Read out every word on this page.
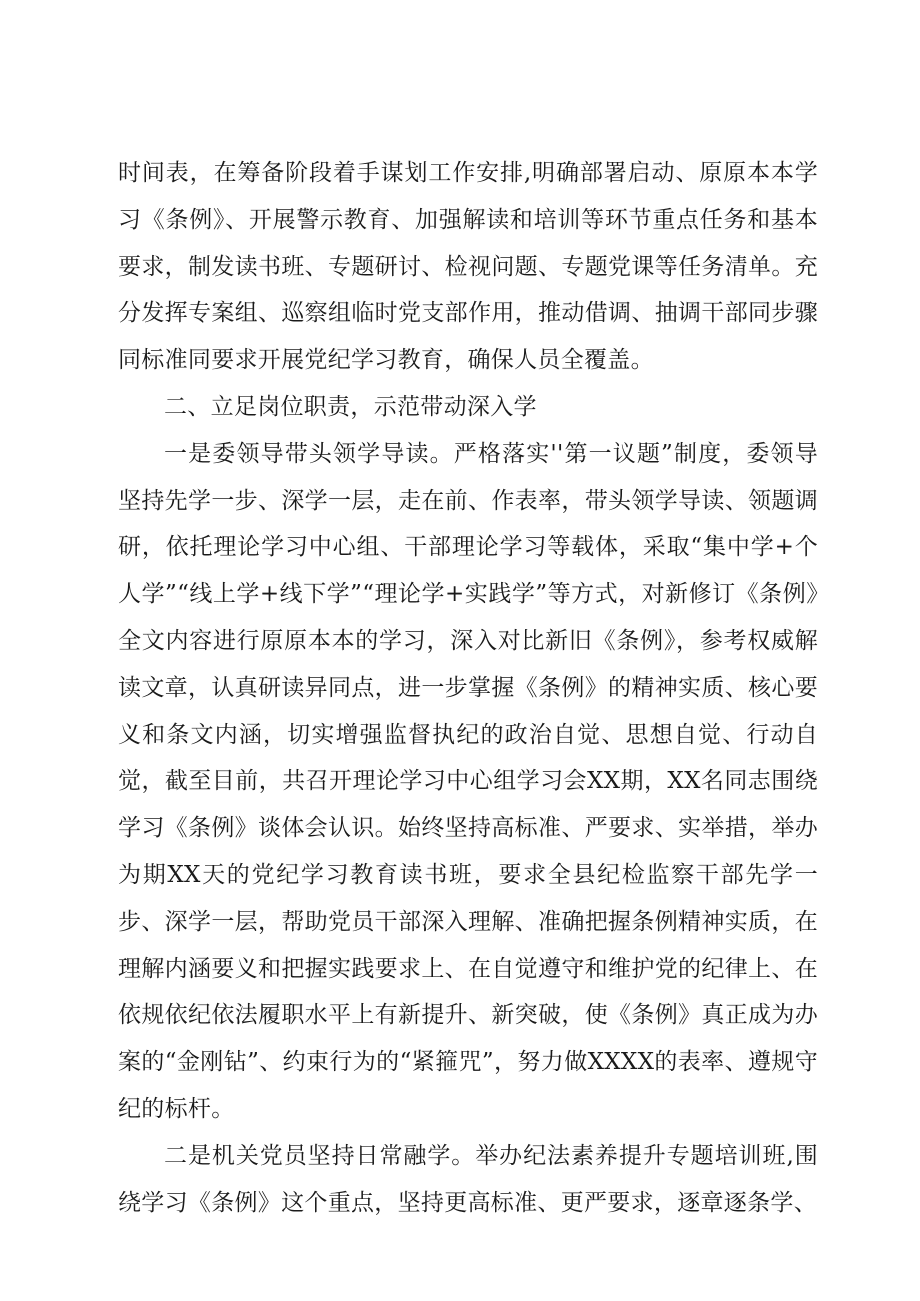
时间表，在筹备阶段着手谋划工作安排,明确部署启动、原原本本学习《条例》、开展警示教育、加强解读和培训等环节重点任务和基本要求，制发读书班、专题研讨、检视问题、专题党课等任务清单。充分发挥专案组、巡察组临时党支部作用，推动借调、抽调干部同步骤同标准同要求开展党纪学习教育，确保人员全覆盖。

二、立足岗位职责，示范带动深入学

一是委领导带头领学导读。严格落实''第一议题”制度，委领导坚持先学一步、深学一层，走在前、作表率，带头领学导读、领题调研，依托理论学习中心组、干部理论学习等载体，采取“集中学+个人学”“线上学+线下学”“理论学+实践学”等方式，对新修订《条例》全文内容进行原原本本的学习，深入对比新旧《条例》，参考权威解读文章，认真研读异同点，进一步掌握《条例》的精神实质、核心要义和条文内涵，切实增强监督执纪的政治自觉、思想自觉、行动自觉，截至目前，共召开理论学习中心组学习会XX期，XX名同志围绕学习《条例》谈体会认识。始终坚持高标准、严要求、实举措，举办为期XX天的党纪学习教育读书班，要求全县纪检监察干部先学一步、深学一层，帮助党员干部深入理解、准确把握条例精神实质，在理解内涵要义和把握实践要求上、在自觉遵守和维护党的纪律上、在依规依纪依法履职水平上有新提升、新突破，使《条例》真正成为办案的“金刚钻”、约束行为的“紧箍咒”，努力做XXXX的表率、遵规守纪的标杆。

二是机关党员坚持日常融学。举办纪法素养提升专题培训班,围绕学习《条例》这个重点，坚持更高标准、更严要求，逐章逐条学、
